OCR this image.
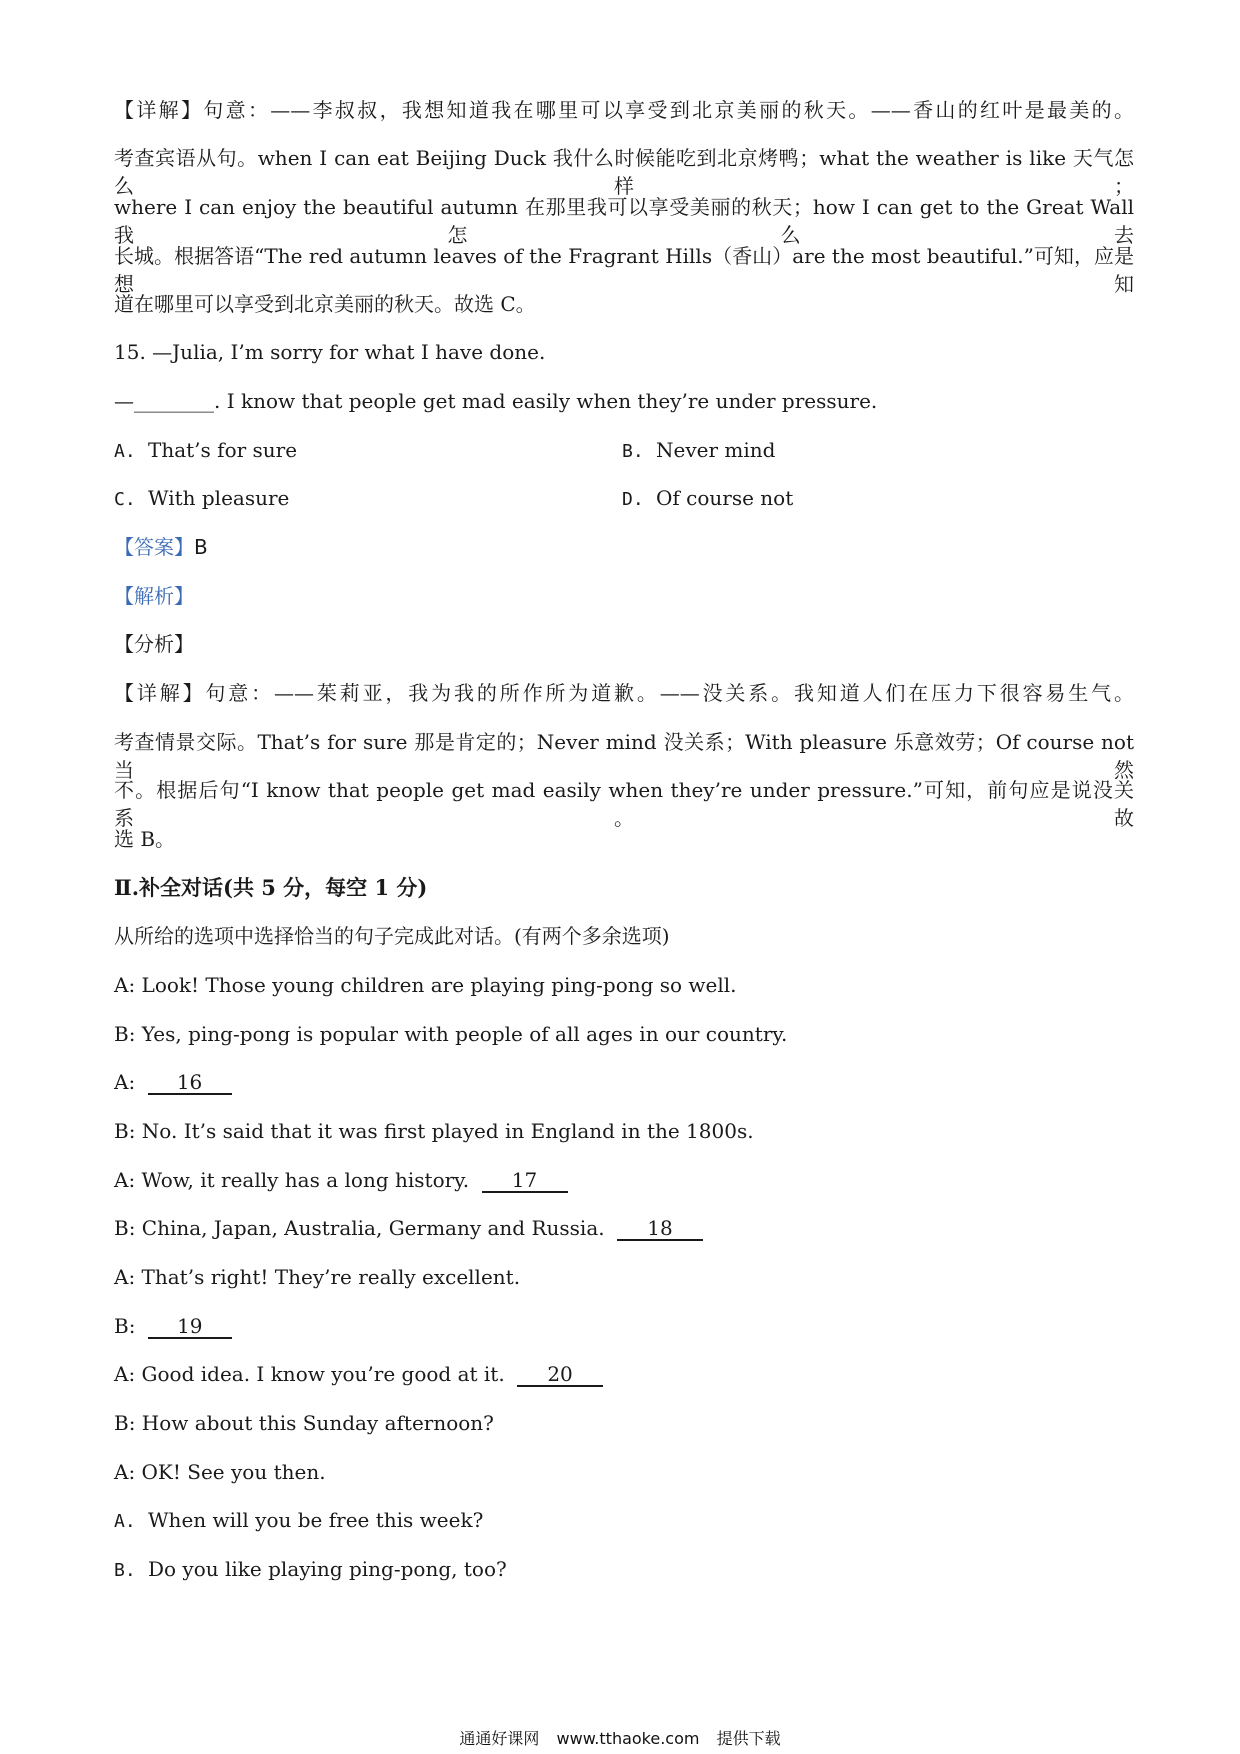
【详解】句意：——李叔叔，我想知道我在哪里可以享受到北京美丽的秋天。——香山的红叶是最美的。
考查宾语从句。when I can eat Beijing Duck 我什么时候能吃到北京烤鸭；what the weather is like 天气怎么样；
where I can enjoy the beautiful autumn 在那里我可以享受美丽的秋天；how I can get to the Great Wall 我怎么去
长城。根据答语“The red autumn leaves of the Fragrant Hills（香山）are the most beautiful.”可知，应是想知
道在哪里可以享受到北京美丽的秋天。故选 C。
15. —Julia, I’m sorry for what I have done.
—________. I know that people get mad easily when they’re under pressure.
A. That’s for sure	B. Never mind
C. With pleasure	D. Of course not
【答案】B
【解析】
【分析】
【详解】句意：——茱莉亚，我为我的所作所为道歉。——没关系。我知道人们在压力下很容易生气。
考查情景交际。That’s for sure 那是肯定的；Never mind 没关系；With pleasure 乐意效劳；Of course not 当然
不。根据后句“I know that people get mad easily when they’re under pressure.”可知，前句应是说没关系。故
选 B。
Ⅱ.补全对话(共 5 分，每空 1 分)
从所给的选项中选择恰当的句子完成此对话。(有两个多余选项)
A: Look! Those young children are playing ping-pong so well.
B: Yes, ping-pong is popular with people of all ages in our country.
A: 16
B: No. It’s said that it was first played in England in the 1800s.
A: Wow, it really has a long history. 17
B: China, Japan, Australia, Germany and Russia. 18
A: That’s right! They’re really excellent.
B: 19
A: Good idea. I know you’re good at it. 20
B: How about this Sunday afternoon?
A: OK! See you then.
A. When will you be free this week?
B. Do you like playing ping-pong, too?
通通好课网 www.tthaoke.com 提供下载
